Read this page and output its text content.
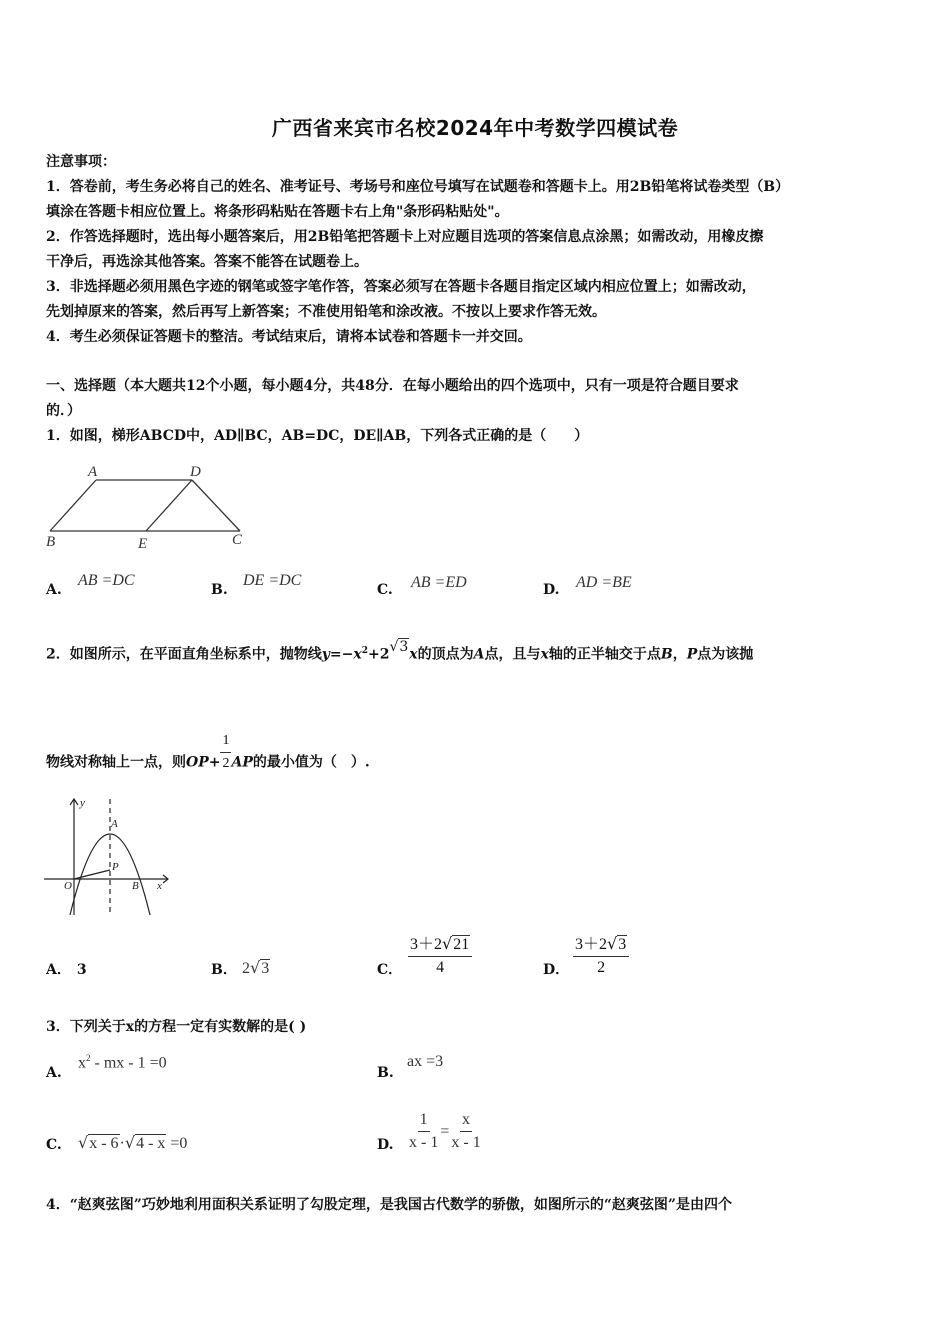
广西省来宾市名校2024年中考数学四模试卷
注意事项：
1．答卷前，考生务必将自己的姓名、准考证号、考场号和座位号填写在试题卷和答题卡上。用2B铅笔将试卷类型（B）
填涂在答题卡相应位置上。将条形码粘贴在答题卡右上角"条形码粘贴处"。
2．作答选择题时，选出每小题答案后，用2B铅笔把答题卡上对应题目选项的答案信息点涂黑；如需改动，用橡皮擦
干净后，再选涂其他答案。答案不能答在试题卷上。
3．非选择题必须用黑色字迹的钢笔或签字笔作答，答案必须写在答题卡各题目指定区域内相应位置上；如需改动，
先划掉原来的答案，然后再写上新答案；不准使用铅笔和涂改液。不按以上要求作答无效。
4．考生必须保证答题卡的整洁。考试结束后，请将本试卷和答题卡一并交回。
一、选择题（本大题共12个小题，每小题4分，共48分．在每小题给出的四个选项中，只有一项是符合题目要求
的．）
1．如图，梯形ABCD中，AD∥BC，AB=DC，DE∥AB，下列各式正确的是（　　）
A	D
B	E	C
A.
AB =DC
B.
DE =DC
C. AB =ED	D. AD =BE
2．如图所示，在平面直角坐标系中，抛物线$y=-x^2+2√3x$的顶点为A点，且与x轴的正半轴交于点B，P点为该抛
物线对称轴上一点，则$OP+ \frac{1}{2}$ AP的最小值为（　）.
y
A
P
O	B x
A． 3	B． 2√3	C． $\frac{3+2√21}{4}$	D． $\frac{3+2√3}{2}$
3．下列关于x的方程一定有实数解的是( )
A.
$x^2$ - mx - 1 =0
B.
ax =3
C. √x - 6·√4 - x =0	D. $\frac{1}{x - 1} = \frac{x}{x - 1}$
4．“赵爽弦图”巧妙地利用面积关系证明了勾股定理，是我国古代数学的骄傲，如图所示的“赵爽弦图”是由四个
